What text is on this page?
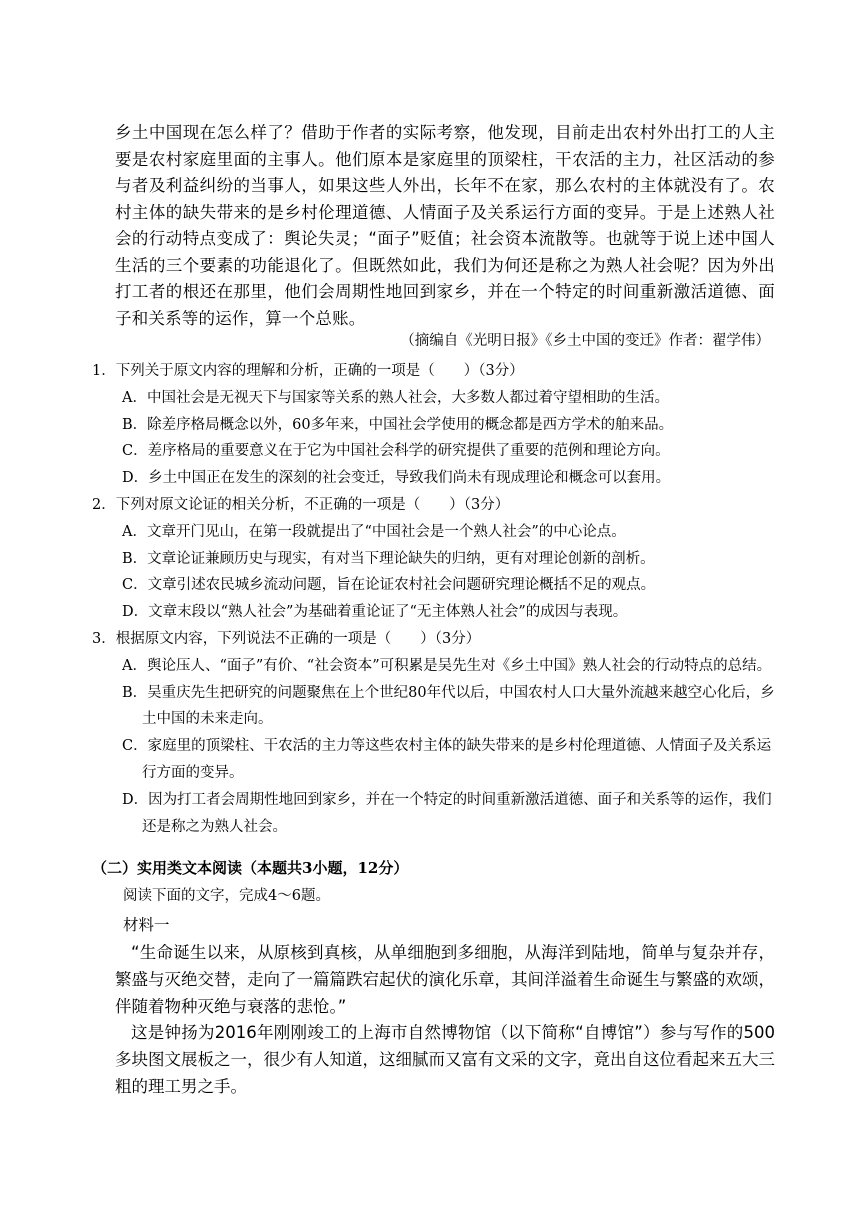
乡土中国现在怎么样了？借助于作者的实际考察，他发现，目前走出农村外出打工的人主要是农村家庭里面的主事人。他们原本是家庭里的顶梁柱，干农活的主力，社区活动的参与者及利益纠纷的当事人，如果这些人外出，长年不在家，那么农村的主体就没有了。农村主体的缺失带来的是乡村伦理道德、人情面子及关系运行方面的变异。于是上述熟人社会的行动特点变成了：舆论失灵；“面子”贬值；社会资本流散等。也就等于说上述中国人生活的三个要素的功能退化了。但既然如此，我们为何还是称之为熟人社会呢？因为外出打工者的根还在那里，他们会周期性地回到家乡，并在一个特定的时间重新激活道德、面子和关系等的运作，算一个总账。

（摘编自《光明日报》《乡土中国的变迁》作者：翟学伟）

1．下列关于原文内容的理解和分析，正确的一项是（　　）（3分）

A．中国社会是无视天下与国家等关系的熟人社会，大多数人都过着守望相助的生活。

B．除差序格局概念以外，60多年来，中国社会学使用的概念都是西方学术的舶来品。

C．差序格局的重要意义在于它为中国社会科学的研究提供了重要的范例和理论方向。

D．乡土中国正在发生的深刻的社会变迁，导致我们尚未有现成理论和概念可以套用。

2．下列对原文论证的相关分析，不正确的一项是（　　）（3分）

A．文章开门见山，在第一段就提出了“中国社会是一个熟人社会”的中心论点。

B．文章论证兼顾历史与现实，有对当下理论缺失的归纳，更有对理论创新的剖析。

C．文章引述农民城乡流动问题，旨在论证农村社会问题研究理论概括不足的观点。

D．文章末段以“熟人社会”为基础着重论证了“无主体熟人社会”的成因与表现。

3．根据原文内容，下列说法不正确的一项是（　　）（3分）

A．舆论压人、“面子”有价、“社会资本”可积累是吴先生对《乡土中国》熟人社会的行动特点的总结。

B．吴重庆先生把研究的问题聚焦在上个世纪80年代以后，中国农村人口大量外流越来越空心化后，乡土中国的未来走向。

C．家庭里的顶梁柱、干农活的主力等这些农村主体的缺失带来的是乡村伦理道德、人情面子及关系运行方面的变异。

D．因为打工者会周期性地回到家乡，并在一个特定的时间重新激活道德、面子和关系等的运作，我们还是称之为熟人社会。

（二）实用类文本阅读（本题共3小题，12分）
阅读下面的文字，完成4～6题。
材料一

“生命诞生以来，从原核到真核，从单细胞到多细胞，从海洋到陆地，简单与复杂并存，繁盛与灭绝交替，走向了一篇篇跌宕起伏的演化乐章，其间洋溢着生命诞生与繁盛的欢颂，伴随着物种灭绝与衰落的悲怆。”

这是钟扬为2016年刚刚竣工的上海市自然博物馆（以下简称“自博馆”）参与写作的500多块图文展板之一，很少有人知道，这细腻而又富有文采的文字，竟出自这位看起来五大三粗的理工男之手。
